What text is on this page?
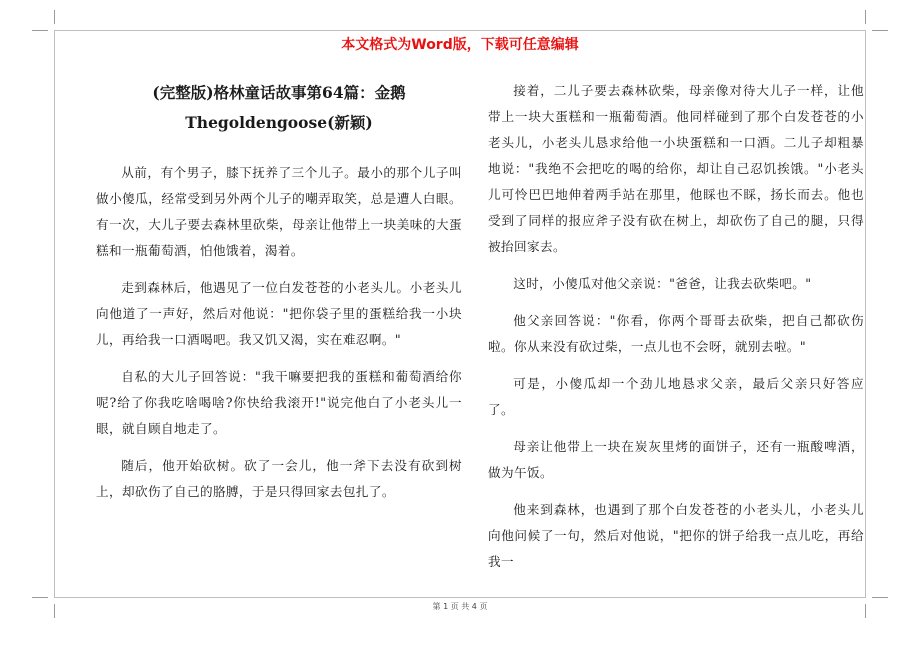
本文格式为Word版，下载可任意编辑
(完整版)格林童话故事第64篇：金鹅
Thegoldengoose(新颖)

从前，有个男子，膝下抚养了三个儿子。最小的那个儿子叫做小傻瓜，经常受到另外两个儿子的嘲弄取笑，总是遭人白眼。有一次，大儿子要去森林里砍柴，母亲让他带上一块美味的大蛋糕和一瓶葡萄酒，怕他饿着，渴着。

走到森林后，他遇见了一位白发苍苍的小老头儿。小老头儿向他道了一声好，然后对他说："把你袋子里的蛋糕给我一小块儿，再给我一口酒喝吧。我又饥又渴，实在难忍啊。"

自私的大儿子回答说："我干嘛要把我的蛋糕和葡萄酒给你呢?给了你我吃啥喝啥?你快给我滚开!"说完他白了小老头儿一眼，就自顾自地走了。

随后，他开始砍树。砍了一会儿，他一斧下去没有砍到树上，却砍伤了自己的胳膊，于是只得回家去包扎了。

接着，二儿子要去森林砍柴，母亲像对待大儿子一样，让他带上一块大蛋糕和一瓶葡萄酒。他同样碰到了那个白发苍苍的小老头儿，小老头儿恳求给他一小块蛋糕和一口酒。二儿子却粗暴地说："我绝不会把吃的喝的给你，却让自己忍饥挨饿。"小老头儿可怜巴巴地伸着两手站在那里，他睬也不睬，扬长而去。他也受到了同样的报应斧子没有砍在树上，却砍伤了自己的腿，只得被抬回家去。

这时，小傻瓜对他父亲说："爸爸，让我去砍柴吧。"

他父亲回答说："你看，你两个哥哥去砍柴，把自己都砍伤啦。你从来没有砍过柴，一点儿也不会呀，就别去啦。"

可是，小傻瓜却一个劲儿地恳求父亲，最后父亲只好答应了。

母亲让他带上一块在炭灰里烤的面饼子，还有一瓶酸啤酒，做为午饭。

他来到森林，也遇到了那个白发苍苍的小老头儿，小老头儿向他问候了一句，然后对他说，"把你的饼子给我一点儿吃，再给我一

第 1 页 共 4 页
